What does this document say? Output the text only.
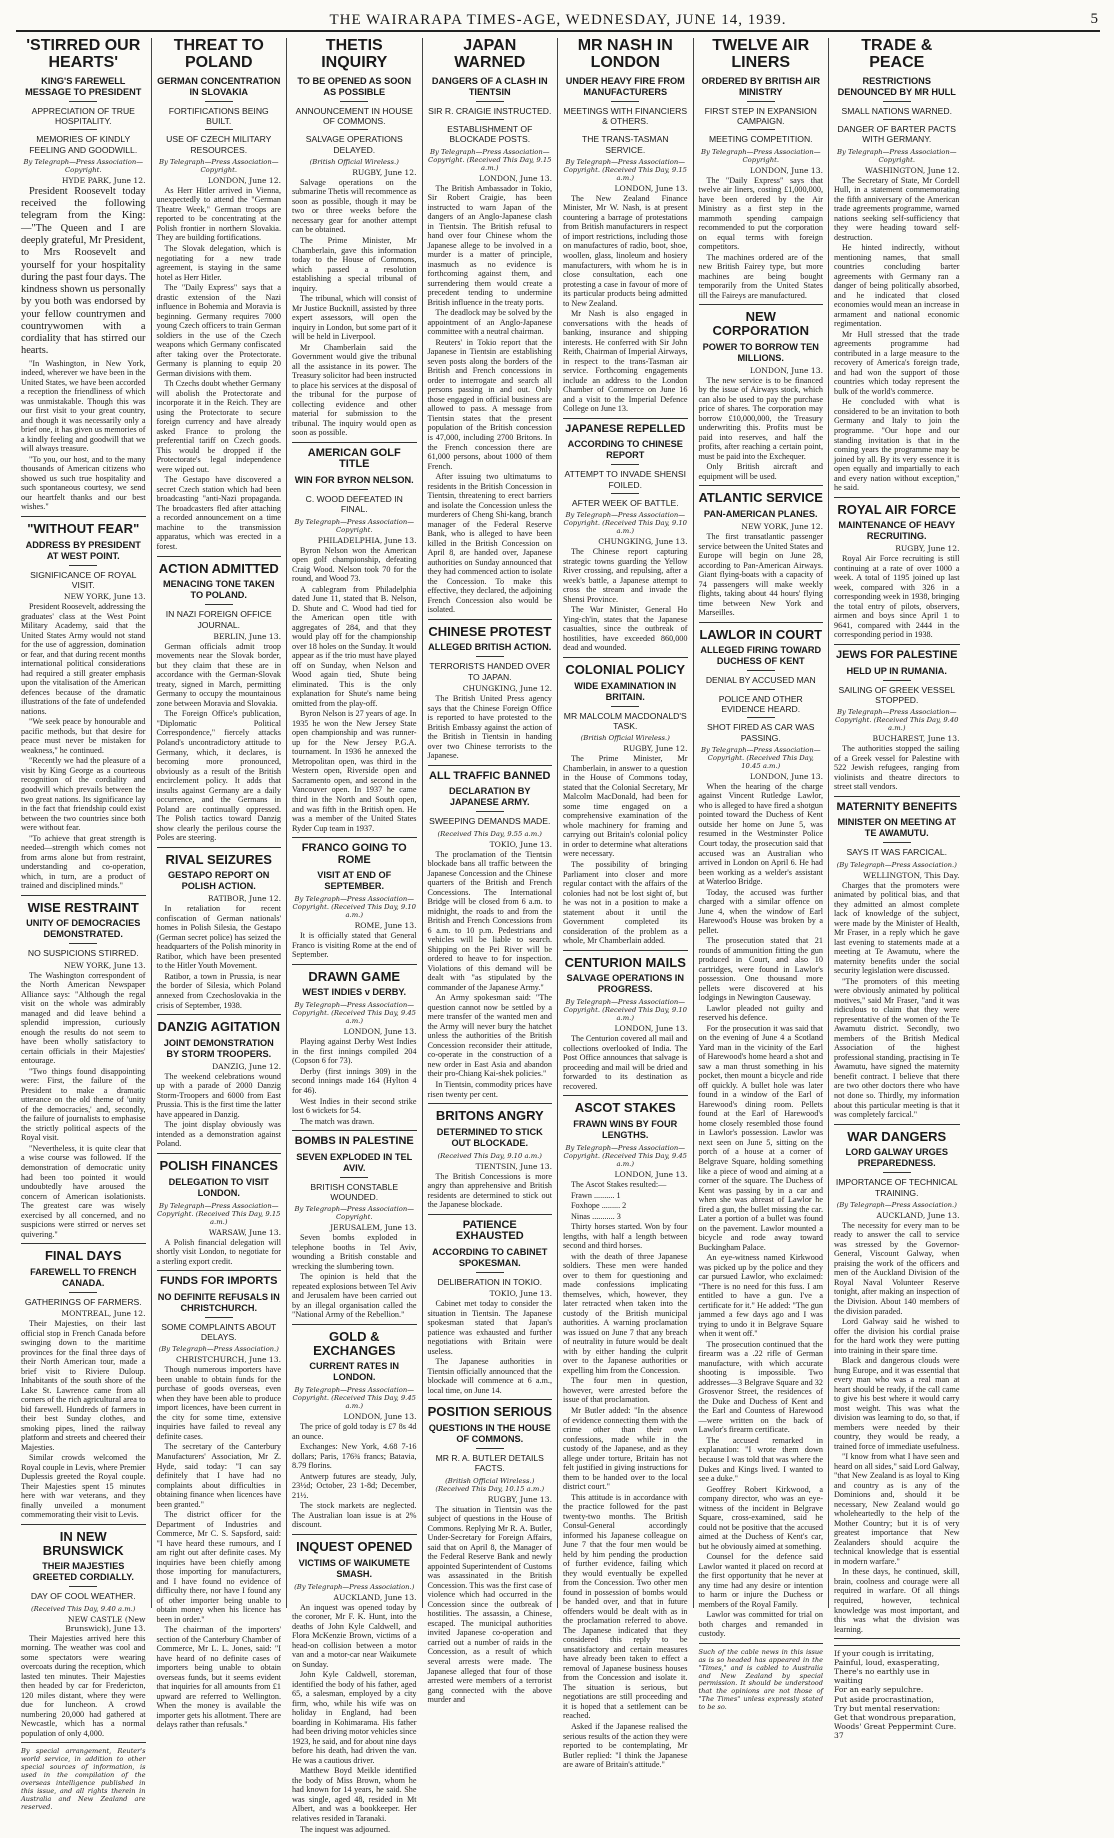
THE WAIRARAPA TIMES-AGE, WEDNESDAY, JUNE 14, 1939.	5
'STIRRED OUR HEARTS'
KING'S FAREWELL MESSAGE TO PRESIDENT
APPRECIATION OF TRUE HOSPITALITY.
MEMORIES OF KINDLY FEELING AND GOODWILL.
By Telegraph—Press Association—Copyright.
HYDE PARK, June 12.

President Roosevelt today received the following telegram from the King:—"The Queen and I are deeply grateful, Mr President, to Mrs Roosevelt and yourself for your hospitality during the past four days. The kindness shown us personally by you both was endorsed by your fellow countrymen and countrywomen with a cordiality that has stirred our hearts.

"In Washington, in New York, indeed, wherever we have been in the United States, we have been accorded a reception the friendliness of which was unmistakable. Though this was our first visit to your great country, and though it was necessarily only a brief one, it has given us memories of a kindly feeling and goodwill that we will always treasure.

"To you, our host, and to the many thousands of American citizens who showed us such true hospitality and such spontaneous courtesy, we send our heartfelt thanks and our best wishes."

"WITHOUT FEAR"
ADDRESS BY PRESIDENT AT WEST POINT.
SIGNIFICANCE OF ROYAL VISIT.
NEW YORK, June 13.

President Roosevelt, addressing the graduates' class at the West Point Military Academy, said that the United States Army would not stand for the use of aggression, domination or fear, and that during recent months international political considerations had required a still greater emphasis upon the vitalisation of the American defences because of the dramatic illustrations of the fate of undefended nations.

"We seek peace by honourable and pacific methods, but that desire for peace must never be mistaken for weakness," he continued.

"Recently we had the pleasure of a visit by King George as a courteous recognition of the cordiality and goodwill which prevails between the two great nations. Its significance lay in the fact that friendship could exist between the two countries since both were without fear.

"To achieve that great strength is needed—strength which comes not from arms alone but from restraint, understanding and co-operation, which, in turn, are a product of trained and disciplined minds."

WISE RESTRAINT
UNITY OF DEMOCRACIES DEMONSTRATED.
NO SUSPICIONS STIRRED.
NEW YORK, June 13.

The Washington correspondent of the North American Newspaper Alliance says: "Although the regal visit on the whole was admirably managed and did leave behind a splendid impression, curiously enough the results do not seem to have been wholly satisfactory to certain officials in their Majesties' entourage.

"Two things found disappointing were: First, the failure of the President to make a dramatic utterance on the old theme of 'unity of the democracies,' and, secondly, the failure of journalists to emphasise the strictly political aspects of the Royal visit.

"Nevertheless, it is quite clear that a wise course was followed. If the demonstration of democratic unity had been too pointed it would undoubtedly have aroused the concern of American isolationists. The greatest care was wisely exercised by all concerned, and no suspicions were stirred or nerves set quivering."

FINAL DAYS
FAREWELL TO FRENCH CANADA.
GATHERINGS OF FARMERS.
MONTREAL, June 12.

Their Majesties, on their last official stop in French Canada before swinging down to the maritime provinces for the final three days of their North American tour, made a brief visit to Riviere Duloup. Inhabitants of the south shore of the Lake St. Lawrence came from all corners of the rich agricultural area to bid farewell. Hundreds of farmers in their best Sunday clothes, and smoking pipes, lined the railway platform and streets and cheered their Majesties.

Similar crowds welcomed the Royal couple in Levis, where Premier Duplessis greeted the Royal couple. Their Majesties spent 15 minutes here with war veterans, and they finally unveiled a monument commemorating their visit to Levis.

IN NEW BRUNSWICK
THEIR MAJESTIES GREETED CORDIALLY.
DAY OF COOL WEATHER.
(Received This Day, 9.40 a.m.)
NEW CASTLE (New Brunswick), June 13.

Their Majesties arrived here this morning. The weather was cool and some spectators were wearing overcoats during the reception, which lasted ten minutes. Their Majesties then headed by car for Fredericton, 120 miles distant, where they were due for luncheon. A crowd numbering 20,000 had gathered at Newcastle, which has a normal population of only 4,000.

By special arrangement, Reuter's world service, in addition to other special sources of information, is used in the compilation of the overseas intelligence published in this issue, and all rights therein in Australia and New Zealand are reserved.
THREAT TO POLAND
GERMAN CONCENTRATION IN SLOVAKIA
FORTIFICATIONS BEING BUILT.
USE OF CZECH MILITARY RESOURCES.
By Telegraph—Press Association—Copyright.
LONDON, June 12.

As Herr Hitler arrived in Vienna, unexpectedly to attend the "German Theatre Week," German troops are reported to be concentrating at the Polish frontier in northern Slovakia. They are building fortifications.

The Slovak delegation, which is negotiating for a new trade agreement, is staying in the same hotel as Herr Hitler.

The "Daily Express" says that a drastic extension of the Nazi influence in Bohemia and Moravia is beginning. Germany requires 7000 young Czech officers to train German soldiers in the use of the Czech weapons which Germany confiscated after taking over the Protectorate. Germany is planning to equip 20 German divisions with them.

Th Czechs doubt whether Germany will abolish the Protectorate and incorporate it in the Reich. They are using the Protectorate to secure foreign currency and have already asked France to prolong the preferential tariff on Czech goods. This would be dropped if the Protectorate's legal independence were wiped out.

The Gestapo have discovered a secret Czech station which had been broadcasting "anti-Nazi propaganda. The broadcasters fled after attaching a recorded announcement on a time machine to the transmission apparatus, which was erected in a forest.

ACTION ADMITTED
MENACING TONE TAKEN TO POLAND.
IN NAZI FOREIGN OFFICE JOURNAL.
BERLIN, June 13.

German officials admit troop movements near the Slovak border, but they claim that these are in accordance with the German-Slovak treaty, signed in March, permitting Germany to occupy the mountainous zone between Moravia and Slovakia.

The Foreign Office's publication, "Diplomatic Political Correspondence," fiercely attacks Poland's uncontradictory attitude to Germany, which, it declares, is becoming more pronounced, obviously as a result of the British encirclement policy. It adds that insults against Germany are a daily occurrence, and the Germans in Poland are continually oppressed. The Polish tactics toward Danzig show clearly the perilous course the Poles are steering.

RIVAL SEIZURES
GESTAPO REPORT ON POLISH ACTION.
RATIBOR, June 12.

In retaliation for recent confiscation of German nationals' homes in Polish Silesia, the Gestapo (German secret police) has seized the headquarters of the Polish minority in Ratibor, which have been presented to the Hitler Youth Movement.

Ratibor, a town in Prussia, is near the border of Silesia, which Poland annexed from Czechoslovakia in the crisis of September, 1938.

DANZIG AGITATION
JOINT DEMONSTRATION BY STORM TROOPERS.
DANZIG, June 12.

The weekend celebrations wound up with a parade of 2000 Danzig Storm-Troopers and 6000 from East Prussia. This is the first time the latter have appeared in Danzig.

The joint display obviously was intended as a demonstration against Poland.

POLISH FINANCES
DELEGATION TO VISIT LONDON.
By Telegraph—Press Association—Copyright. (Received This Day, 9.15 a.m.)
WARSAW, June 13.

A Polish financial delegation will shortly visit London, to negotiate for a sterling export credit.

FUNDS FOR IMPORTS
NO DEFINITE REFUSALS IN CHRISTCHURCH.
SOME COMPLAINTS ABOUT DELAYS.
(By Telegraph—Press Association.)
CHRISTCHURCH, June 13.

Though numerous importers have been unable to obtain funds for the purchase of goods overseas, even when they have been able to produce import licences, have been current in the city for some time, extensive inquiries have failed to reveal any definite cases.

The secretary of the Canterbury Manufacturers' Association, Mr Z. Hyde, said today: "I can say definitely that I have had no complaints about difficulties in obtaining finance when licences have been granted."

The district officer for the Department of Industries and Commerce, Mr C. S. Sapsford, said: "I have heard these rumours, and I am right out after definite cases. My inquiries have been chiefly among those importing for manufacturers, and I have found no evidence of difficulty there, nor have I found any of other importer being unable to obtain money when his licence has been in order."

The chairman of the importers' section of the Canterbury Chamber of Commerce, Mr L. L. Jones, said: "I have heard of no definite cases of importers being unable to obtain overseas funds, but it seems evident that inquiries for all amounts from £1 upward are referred to Wellington. When the money is available the importer gets his allotment. There are delays rather than refusals."

THETIS INQUIRY
TO BE OPENED AS SOON AS POSSIBLE
ANNOUNCEMENT IN HOUSE OF COMMONS.
SALVAGE OPERATIONS DELAYED.
(British Official Wireless.)
RUGBY, June 12.

Salvage operations on the submarine Thetis will recommence as soon as possible, though it may be two or three weeks before the necessary gear for another attempt can be obtained.

The Prime Minister, Mr Chamberlain, gave this information today to the House of Commons, which passed a resolution establishing a special tribunal of inquiry.

The tribunal, which will consist of Mr Justice Bucknill, assisted by three expert assessors, will open the inquiry in London, but some part of it will be held in Liverpool.

Mr Chamberlain said the Government would give the tribunal all the assistance in its power. The Treasury solicitor had been instructed to place his services at the disposal of the tribunal for the purpose of collecting evidence and other material for submission to the tribunal. The inquiry would open as soon as possible.

AMERICAN GOLF TITLE
WIN FOR BYRON NELSON.
C. WOOD DEFEATED IN FINAL.
By Telegraph—Press Association—Copyright.
PHILADELPHIA, June 13.

Byron Nelson won the American open golf championship, defeating Craig Wood. Nelson took 70 for the round, and Wood 73.

A cablegram from Philadelphia dated June 11, stated that B. Nelson, D. Shute and C. Wood had tied for the American open title with aggregates of 284, and that they would play off for the championship over 18 holes on the Sunday. It would appear as if the trio must have played off on Sunday, when Nelson and Wood again tied, Shute being eliminated. This is the only explanation for Shute's name being omitted from the play-off.

Byron Nelson is 27 years of age. In 1935 he won the New Jersey State open championship and was runner-up for the New Jersey P.G.A. tournament. In 1936 he annexed the Metropolitan open, was third in the Western open, Riverside open and Sacramento open, and second in the Vancouver open. In 1937 he came third in the North and South open, and was fifth in the British open. He was a member of the United States Ryder Cup team in 1937.

FRANCO GOING TO ROME
VISIT AT END OF SEPTEMBER.
By Telegraph—Press Association—Copyright. (Received This Day, 9.10 a.m.)
ROME, June 13.

It is officially stated that General Franco is visiting Rome at the end of September.

DRAWN GAME
WEST INDIES v DERBY.
By Telegraph—Press Association—Copyright. (Received This Day, 9.45 a.m.)
LONDON, June 13.

Playing against Derby West Indies in the first innings compiled 204 (Copson 6 for 73).

Derby (first innings 309) in the second innings made 164 (Hylton 4 for 46).

West Indies in their second strike lost 6 wickets for 54.

The match was drawn.

BOMBS IN PALESTINE
SEVEN EXPLODED IN TEL AVIV.
BRITISH CONSTABLE WOUNDED.
By Telegraph—Press Association—Copyright.
JERUSALEM, June 13.

Seven bombs exploded in telephone booths in Tel Aviv, wounding a British constable and wrecking the slumbering town.

The opinion is held that the repeated explosions between Tel Aviv and Jerusalem have been carried out by an illegal organisation called the "National Army of the Rebellion."

GOLD & EXCHANGES
CURRENT RATES IN LONDON.
By Telegraph—Press Association—Copyright. (Received This Day, 9.45 a.m.)
LONDON, June 13.

The price of gold today is £7 8s 4d an ounce.

Exchanges: New York, 4.68 7-16 dollars; Paris, 176¾ francs; Batavia, 8.79 florins.

Antwerp futures are steady, July, 23½d; October, 23 1-8d; December, 21½.

The stock markets are neglected. The Australian loan issue is at 2% discount.

INQUEST OPENED
VICTIMS OF WAIKUMETE SMASH.
(By Telegraph—Press Association.)
AUCKLAND, June 13.

An inquest was opened today by the coroner, Mr F. K. Hunt, into the deaths of John Kyle Caldwell, and Flora McKenzie Brown, victims of a head-on collision between a motor van and a motor-car near Waikumete on Sunday.

John Kyle Caldwell, storeman, identified the body of his father, aged 65, a salesman, employed by a city firm, who, while his wife was on holiday in England, had been boarding in Kohimarama. His father had been driving motor vehicles since 1923, he said, and for about nine days before his death, had driven the van. He was a cautious driver.

Matthew Boyd Meikle identified the body of Miss Brown, whom he had known for 14 years, he said. She was single, aged 48, resided in Mt Albert, and was a bookkeeper. Her relatives resided in Taranaki.

The inquest was adjourned.

JAPAN WARNED
DANGERS OF A CLASH IN TIENTSIN
SIR R. CRAIGIE INSTRUCTED.
ESTABLISHMENT OF BLOCKADE POSTS.
By Telegraph—Press Association—Copyright. (Received This Day, 9.15 a.m.)
LONDON, June 13.

The British Ambassador in Tokio, Sir Robert Craigie, has been instructed to warn Japan of the dangers of an Anglo-Japanese clash in Tientsin. The British refusal to hand over four Chinese whom the Japanese allege to be involved in a murder is a matter of principle, inasmuch as no evidence is forthcoming against them, and surrendering them would create a precedent tending to undermine British influence in the treaty ports.

The deadlock may be solved by the appointment of an Anglo-Japanese committee with a neutral chairman.

Reuters' in Tokio report that the Japanese in Tientsin are establishing seven posts along the borders of the British and French concessions in order to interrogate and search all persons passing in and out. Only those engaged in official business are allowed to pass. A message from Tientsin states that the present population of the British concession is 47,000, including 2700 Britons. In the French concession there are 61,000 persons, about 1000 of them French.

After issuing two ultimatums to residents in the British Concession in Tientsin, threatening to erect barriers and isolate the Concession unless the murderers of Cheng Shi-kang, branch manager of the Federal Reserve Bank, who is alleged to have been killed in the British Concession on April 8, are handed over, Japanese authorities on Sunday announced that they had commenced action to isolate the Concession. To make this effective, they declared, the adjoining French Concession also would be isolated.

CHINESE PROTEST
ALLEGED BRITISH ACTION.
TERRORISTS HANDED OVER TO JAPAN.
CHUNGKING, June 12.

The British United Press agency says that the Chinese Foreign Office is reported to have protested to the British Embassy against the action of the British in Tientsin in handing over two Chinese terrorists to the Japanese.

ALL TRAFFIC BANNED
DECLARATION BY JAPANESE ARMY.
SWEEPING DEMANDS MADE.
(Received This Day, 9.55 a.m.)
TOKIO, June 13.

The proclamation of the Tientsin blockade bans all traffic between the Japanese Concession and the Chinese quarters of the British and French Concessions. The International Bridge will be closed from 6 a.m. to midnight, the roads to and from the British and French Concessions from 6 a.m. to 10 p.m. Pedestrians and vehicles will be liable to search. Shipping on the Pei River will be ordered to heave to for inspection. Violations of this demand will be dealt with "as stipulated by the commander of the Japanese Army."

An Army spokesman said: "The question cannot now be settled by a mere transfer of the wanted men and the Army will never bury the hatchet unless the authorities of the British Concession reconsider their attitude, co-operate in the construction of a new order in East Asia and abandon their pro-Chiang Kai-shek policies."

In Tientsin, commodity prices have risen twenty per cent.

BRITONS ANGRY
DETERMINED TO STICK OUT BLOCKADE.
(Received This Day, 9.10 a.m.)
TIENTSIN, June 13.

The British Concessions is more angry than apprehensive and British residents are determined to stick out the Japanese blockade.

PATIENCE EXHAUSTED
ACCORDING TO CABINET SPOKESMAN.
DELIBERATION IN TOKIO.
TOKIO, June 13.

Cabinet met today to consider the situation in Tientsin. The Japanese spokesman stated that Japan's patience was exhausted and further negotiations with Britain were useless.

The Japanese authorities in Tientsin officially announced that the blockade will commence at 6 a.m., local time, on June 14.

POSITION SERIOUS
QUESTIONS IN THE HOUSE OF COMMONS.
MR R. A. BUTLER DETAILS FACTS.
(British Official Wireless.) (Received This Day, 10.15 a.m.)
RUGBY, June 13.

The situation in Tientsin was the subject of questions in the House of Commons. Replying Mr R. A. Butler, Under-Secretary for Foreign Affairs, said that on April 8, the Manager of the Federal Reserve Bank and newly appointed Superintendent of Customs was assassinated in the British Concession. This was the first case of violence which had occurred in the Concession since the outbreak of hostilities. The assassin, a Chinese, escaped. The municipal authorities invited Japanese co-operation and carried out a number of raids in the Concession, as a result of which several arrests were made. The Japanese alleged that four of those arrested were members of a terrorist gang connected with the above murder and

MR NASH IN LONDON
UNDER HEAVY FIRE FROM MANUFACTURERS
MEETINGS WITH FINANCIERS & OTHERS.
THE TRANS-TASMAN SERVICE.
By Telegraph—Press Association—Copyright. (Received This Day, 9.15 a.m.)
LONDON, June 13.

The New Zealand Finance Minister, Mr W. Nash, is at present countering a barrage of protestations from British manufacturers in respect of import restrictions, including those on manufactures of radio, boot, shoe, woollen, glass, linoleum and hosiery manufacturers, with whom he is in close consultation, each one protesting a case in favour of more of its particular products being admitted to New Zealand.

Mr Nash is also engaged in conversations with the heads of banking, insurance and shipping interests. He conferred with Sir John Reith, Chairman of Imperial Airways, in respect to the trans-Tasman air service. Forthcoming engagements include an address to the London Chamber of Commerce on June 16 and a visit to the Imperial Defence College on June 13.

JAPANESE REPELLED
ACCORDING TO CHINESE REPORT
ATTEMPT TO INVADE SHENSI FOILED.
AFTER WEEK OF BATTLE.
By Telegraph—Press Association—Copyright. (Received This Day, 9.10 a.m.)
CHUNGKING, June 13.

The Chinese report capturing strategic towns guarding the Yellow River crossing, and repulsing, after a week's battle, a Japanese attempt to cross the stream and invade the Shensi Province.

The War Minister, General Ho Ying-ch'in, states that the Japanese casualties, since the outbreak of hostilities, have exceeded 860,000 dead and wounded.

COLONIAL POLICY
WIDE EXAMINATION IN BRITAIN.
MR MALCOLM MACDONALD'S TASK.
(British Official Wireless.)
RUGBY, June 12.

The Prime Minister, Mr Chamberlain, in answer to a question in the House of Commons today, stated that the Colonial Secretary, Mr Malcolm MacDonald, had been for some time engaged on a comprehensive examination of the whole machinery for framing and carrying out Britain's colonial policy in order to determine what alterations were necessary.

The possibility of bringing Parliament into closer and more regular contact with the affairs of the colonies had not be lost sight of, but he was not in a position to make a statement about it until the Government completed its consideration of the problem as a whole, Mr Chamberlain added.

CENTURION MAILS
SALVAGE OPERATIONS IN PROGRESS.
By Telegraph—Press Association—Copyright. (Received This Day, 9.10 a.m.)
LONDON, June 13.

The Centurion covered all mail and collections overlooked of India. The Post Office announces that salvage is proceeding and mail will be dried and forwarded to its destination as recovered.

ASCOT STAKES
FRAWN WINS BY FOUR LENGTHS.
By Telegraph—Press Association—Copyright. (Received This Day, 9.45 a.m.)
LONDON, June 13.

The Ascot Stakes resulted:—

Frawn .......... 1

Foxhope ......... 2

Ninas ........... 3

Thirty horses started. Won by four lengths, with half a length between second and third horses.

with the death of three Japanese soldiers. These men were handed over to them for questioning and made confessions implicating themselves, which, however, they later retracted when taken into the custody of the British municipal authorities. A warning proclamation was issued on June 7 that any breach of neutrality in future would be dealt with by either handing the culprit over to the Japanese authorities or expelling him from the Concession.

The four men in question, however, were arrested before the issue of that proclamation.

Mr Butler added: "In the absence of evidence connecting them with the crime other than their own confessions, made while in the custody of the Japanese, and as they allege under torture, Britain has not felt justified in giving instructions for them to be handed over to the local district court."

This attitude is in accordance with the practice followed for the past twenty-two months. The British Consul-General accordingly informed his Japanese colleague on June 7 that the four men would be held by him pending the production of further evidence, failing which they would eventually be expelled from the Concession. Two other men found in possession of bombs would be handed over, and that in future offenders would be dealt with as in the proclamation referred to above. The Japanese indicated that they considered this reply to be unsatisfactory and certain measures have already been taken to effect a removal of Japanese business houses from the Concession and isolate it. The situation is serious, but negotiations are still proceeding and it is hoped that a settlement can be reached.

Asked if the Japanese realised the serious results of the action they were reported to be contemplating, Mr Butler replied: "I think the Japanese are aware of Britain's attitude."

TWELVE AIR LINERS
ORDERED BY BRITISH AIR MINISTRY
FIRST STEP IN EXPANSION CAMPAIGN.
MEETING COMPETITION.
By Telegraph—Press Association—Copyright.
LONDON, June 13.

The "Daily Express" says that twelve air liners, costing £1,000,000, have been ordered by the Air Ministry as a first step in the mammoth spending campaign recommended to put the corporation on equal terms with foreign competitors.

The machines ordered are of the new British Fairey type, but more machines are being bought temporarily from the United States till the Faireys are manufactured.

NEW CORPORATION
POWER TO BORROW TEN MILLIONS.
LONDON, June 13.

The new service is to be financed by the issue of Airways stock, which can also be used to pay the purchase price of shares. The corporation may borrow £10,000,000, the Treasury underwriting this. Profits must be paid into reserves, and half the profits, after reaching a certain point, must be paid into the Exchequer.

Only British aircraft and equipment will be used.

ATLANTIC SERVICE
PAN-AMERICAN PLANES.
NEW YORK, June 12.

The first transatlantic passenger service between the United States and Europe will begin on June 28, according to Pan-American Airways. Giant flying-boats with a capacity of 74 passengers will make weekly flights, taking about 44 hours' flying time between New York and Marseilles.

LAWLOR IN COURT
ALLEGED FIRING TOWARD DUCHESS OF KENT
DENIAL BY ACCUSED MAN
POLICE AND OTHER EVIDENCE HEARD.
SHOT FIRED AS CAR WAS PASSING.
By Telegraph—Press Association—Copyright. (Received This Day, 10.45 a.m.)
LONDON, June 13.

When the hearing of the charge against Vincent Rutledge Lawlor, who is alleged to have fired a shotgun pointed toward the Duchess of Kent outside her home on June 5, was resumed in the Westminster Police Court today, the prosecution said that accused was an Australian who arrived in London on April 6. He had been working as a welder's assistant at Waterloo Bridge.

Today, the accused was further charged with a similar offence on June 4, when the window of Earl Harewood's House was broken by a pellet.

The prosecution stated that 21 rounds of ammunition fitting the gun produced in Court, and also 10 cartridges, were found in Lawlor's possession. One thousand more pellets were discovered at his lodgings in Newington Causeway.

Lawlor pleaded not guilty and reserved his defence.

For the prosecution it was said that on the evening of June 4 a Scotland Yard man in the vicinity of the Earl of Harewood's home heard a shot and saw a man thrust something in his pocket, then mount a bicycle and ride off quickly. A bullet hole was later found in a window of the Earl of Harewood's dining room. Pellets found at the Earl of Harewood's home closely resembled those found in Lawlor's possession. Lawlor was next seen on June 5, sitting on the porch of a house at a corner of Belgrave Square, holding something like a piece of wood and aiming at a corner of the square. The Duchess of Kent was passing by in a car and when she was abreast of Lawlor he fired a gun, the bullet missing the car. Later a portion of a bullet was found on the pavement. Lawlor mounted a bicycle and rode away toward Buckingham Palace.

An eye-witness named Kirkwood was picked up by the police and they car pursued Lawlor, who exclaimed: "There is no need for this fuss. I am entitled to have a gun. I've a certificate for it." He added: "The gun jammed a few days ago and I was trying to undo it in Belgrave Square when it went off."

The prosecution continued that the firearm was a .22 rifle of German manufacture, with which accurate shooting is impossible. Two addresses—3 Belgrave Square and 32 Grosvenor Street, the residences of the Duke and Duchess of Kent and the Earl and Countess of Harewood—were written on the back of Lawlor's firearm certificate.

The accused remarked in explanation: "I wrote them down because I was told that was where the Dukes and Kings lived. I wanted to see a duke."

Geoffrey Robert Kirkwood, a company director, who was an eye-witness of the incident in Belgrave Square, cross-examined, said he could not be positive that the accused aimed at the Duchess of Kent's car, but he obviously aimed at something.

Counsel for the defence said Lawlor wanted it placed on record at the first opportunity that he never at any time had any desire or intention to harm or injure the Duchess or members of the Royal Family.

Lawlor was committed for trial on both charges and remanded in custody.

Such of the cable news in this issue as is so headed has appeared in the "Times," and is cabled to Australia and New Zealand by special permission. It should be understood that the opinions are not those of "The Times" unless expressly stated to be so.
TRADE & PEACE
RESTRICTIONS DENOUNCED BY MR HULL
SMALL NATIONS WARNED.
DANGER OF BARTER PACTS WITH GERMANY.
By Telegraph—Press Association—Copyright.
WASHINGTON, June 12.

The Secretary of State, Mr Cordell Hull, in a statement commemorating the fifth anniversary of the American trade agreements programme, warned nations seeking self-sufficiency that they were heading toward self-destruction.

He hinted indirectly, without mentioning names, that small countries concluding barter agreements with Germany ran a danger of being politically absorbed, and he indicated that closed economies would mean an increase in armament and national economic regimentation.

Mr Hull stressed that the trade agreements programme had contributed in a large measure to the recovery of America's foreign trade, and had won the support of those countries which today represent the bulk of the world's commerce.

He concluded with what is considered to be an invitation to both Germany and Italy to join the programme. "Our hope and our standing invitation is that in the coming years the programme may be joined by all. By its very essence it is open equally and impartially to each and every nation without exception," he said.

ROYAL AIR FORCE
MAINTENANCE OF HEAVY RECRUITING.
RUGBY, June 12.

Royal Air Force recruiting is still continuing at a rate of over 1000 a week. A total of 1195 joined up last week, compared with 326 in a corresponding week in 1938, bringing the total entry of pilots, observers, airmen and boys since April 1 to 9641, compared with 2444 in the corresponding period in 1938.

JEWS FOR PALESTINE
HELD UP IN RUMANIA.
SAILING OF GREEK VESSEL STOPPED.
By Telegraph—Press Association—Copyright. (Received This Day, 9.40 a.m.)
BUCHAREST, June 13.

The authorities stopped the sailing of a Greek vessel for Palestine with 522 Jewish refugees, ranging from violinists and theatre directors to street stall vendors.

MATERNITY BENEFITS
MINISTER ON MEETING AT TE AWAMUTU.
SAYS IT WAS FARCICAL.
(By Telegraph—Press Association.)
WELLINGTON, This Day.

Charges that the promoters were animated by political bias, and that they admitted an almost complete lack of knowledge of the subject, were made by the Minister of Health, Mr Fraser, in a reply which he gave last evening to statements made at a meeting at Te Awamutu, where the maternity benefits under the social security legislation were discussed.

"The promoters of this meeting were obviously animated by political motives," said Mr Fraser, "and it was ridiculous to claim that they were representative of the women of the Te Awamutu district. Secondly, two members of the British Medical Association of the highest professional standing, practising in Te Awamutu, have signed the maternity benefit contract. I believe that there are two other doctors there who have not done so. Thirdly, my information about this particular meeting is that it was completely farcical."

WAR DANGERS
LORD GALWAY URGES PREPAREDNESS.
IMPORTANCE OF TECHNICAL TRAINING.
(By Telegraph—Press Association.)
AUCKLAND, June 13.

The necessity for every man to be ready to answer the call to service was stressed by the Governor-General, Viscount Galway, when praising the work of the officers and men of the Auckland Division of the Royal Naval Volunteer Reserve tonight, after making an inspection of the Division. About 140 members of the division paraded.

Lord Galway said he wished to offer the division his cordial praise for the hard work they were putting into training in their spare time.

Black and dangerous clouds were hung Europe, and it was essential that every man who was a real man at heart should be ready, if the call came to give his best where it would carry most weight. This was what the division was learning to do, so that, if members were needed by their country, they would be ready, a trained force of immediate usefulness.

"I know from what I have seen and heard on all sides," said Lord Galway, "that New Zealand is as loyal to King and country as is any of the Dominions and, should it be necessary, New Zealand would go wholeheartedly to the help of the Mother Country; but it is of very greatest importance that New Zealanders should acquire the technical knowledge that is essential in modern warfare."

In these days, he continued, skill, brain, coolness and courage were all required in warfare. Of all things required, however, technical knowledge was most important, and this was what the division was learning.

If your cough is irritating,
Painful, loud, exasperating,
There's no earthly use in waiting
For an early sepulchre.
Put aside procrastination,
Try but mental reservation:
Get that wondrous preparation,
Woods' Great Peppermint Cure. 37
